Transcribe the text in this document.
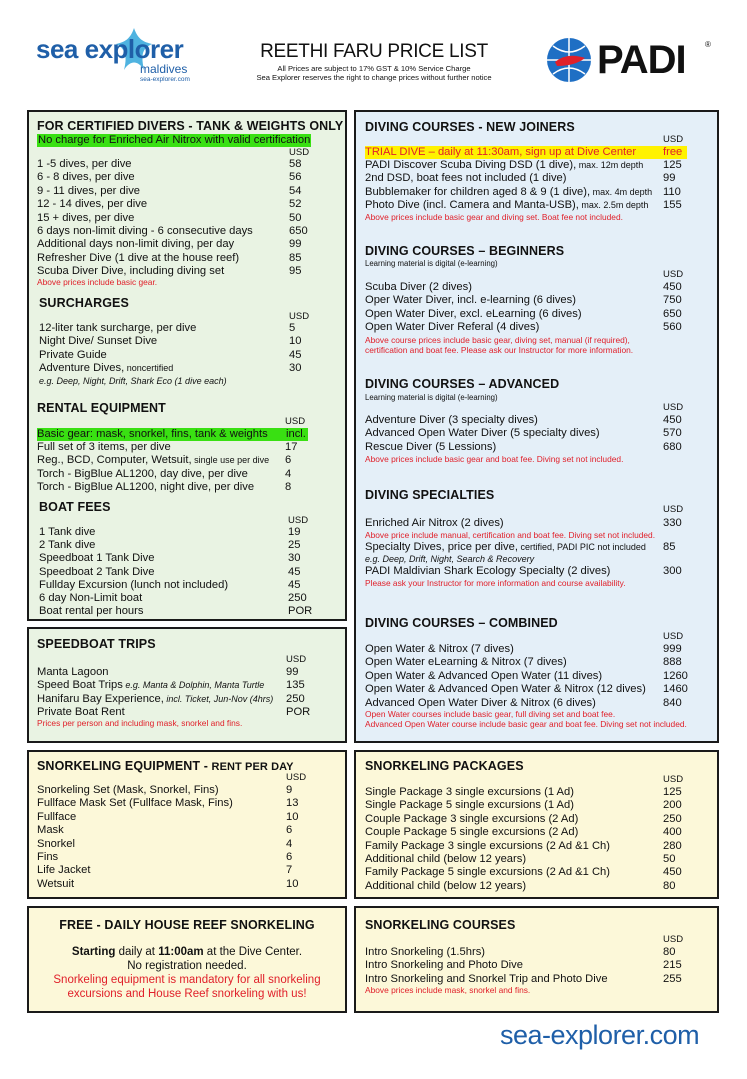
sea explorer
maldives
sea-explorer.com
REETHI FARU PRICE LIST
All Prices are subject to 17% GST & 10% Service Charge
Sea Explorer reserves the right to change prices without further notice	PADI ®
FOR CERTIFIED DIVERS - TANK & WEIGHTS ONLY
No charge for Enriched Air Nitrox with valid certification
USD
1 -5 dives, per dive	58
6 - 8 dives, per dive	56
9 - 11 dives, per dive	54
12 - 14 dives, per dive	52
15 + dives, per dive	50
6 days non-limit diving - 6 consecutive days	650
Additional days non-limit diving, per day	99
Refresher Dive (1 dive at the house reef)	85
Scuba Diver Dive, including diving set	95
Above prices include basic gear.
SURCHARGES
USD
12-liter tank surcharge, per dive	5
Night Dive/ Sunset Dive	10
Private Guide	45
Adventure Dives, noncertified	30
e.g. Deep, Night, Drift, Shark Eco (1 dive each)
RENTAL EQUIPMENT
USD
Basic gear: mask, snorkel, fins, tank & weights incl.
Full set of 3 items, per dive	17
Reg., BCD, Computer, Wetsuit, single use per dive 6
Torch - BigBlue AL1200, day dive, per dive	4
Torch - BigBlue AL1200, night dive, per dive	8
BOAT FEES
USD
1 Tank dive	19
2 Tank dive	25
Speedboat 1 Tank Dive	30
Speedboat 2 Tank Dive	45
Fullday Excursion (lunch not included)	45
6 day Non-Limit boat	250
Boat rental per hours	POR
SPEEDBOAT TRIPS
USD
Manta Lagoon	99
Speed Boat Trips e.g. Manta & Dolphin, Manta Turtle 135
Hanifaru Bay Experience, incl. Ticket, Jun-Nov (4hrs) 250
Private Boat Rent	POR
Prices per person and including mask, snorkel and fins.
SNORKELING EQUIPMENT - RENT PER DAY
USD
Snorkeling Set (Mask, Snorkel, Fins)	9
Fullface Mask Set (Fullface Mask, Fins)	13
Fullface	10
Mask	6
Snorkel	4
Fins	6
Life Jacket	7
Wetsuit	10
FREE - DAILY HOUSE REEF SNORKELING
Starting daily at 11:00am at the Dive Center.
No registration needed.
Snorkeling equipment is mandatory for all snorkeling
excursions and House Reef snorkeling with us!
DIVING COURSES - NEW JOINERS
USD
TRIAL DIVE – daily at 11:30am, sign up at Dive Center free
PADI Discover Scuba Diving DSD (1 dive), max. 12m depth 125
2nd DSD, boat fees not included (1 dive)	99
Bubblemaker for children aged 8 & 9 (1 dive), max. 4m depth 110
Photo Dive (incl. Camera and Manta-USB), max. 2.5m depth 155
Above prices include basic gear and diving set. Boat fee not included.
DIVING COURSES – BEGINNERS
Learning material is digital (e-learning)
USD
Scuba Diver (2 dives)	450
Oper Water Diver, incl. e-learning (6 dives)	750
Open Water Diver, excl. eLearning (6 dives)	650
Open Water Diver Referal (4 dives)	560
Above course prices include basic gear, diving set, manual (if required),
certification and boat fee. Please ask our Instructor for more information.
DIVING COURSES – ADVANCED
Learning material is digital (e-learning)
USD
Adventure Diver (3 specialty dives)	450
Advanced Open Water Diver (5 specialty dives)	570
Rescue Diver (5 Lessions)	680
Above prices include basic gear and boat fee. Diving set not included.
DIVING SPECIALTIES
USD
Enriched Air Nitrox (2 dives)	330
Above price include manual, certification and boat fee. Diving set not included.
Specialty Dives, price per dive, certified, PADI PIC not included 85
e.g. Deep, Drift, Night, Search & Recovery
PADI Maldivian Shark Ecology Specialty (2 dives)	300
Please ask your Instructor for more information and course availability.
DIVING COURSES – COMBINED
USD
Open Water & Nitrox (7 dives)	999
Open Water eLearning & Nitrox (7 dives)	888
Open Water & Advanced Open Water (11 dives)	1260
Open Water & Advanced Open Water & Nitrox (12 dives) 1460
Advanced Open Water Diver & Nitrox (6 dives)	840
Open Water courses include basic gear, full diving set and boat fee.
Advanced Open Water course include basic gear and boat fee. Diving set not included.
SNORKELING PACKAGES
USD
Single Package 3 single excursions (1 Ad)	125
Single Package 5 single excursions (1 Ad)	200
Couple Package 3 single excursions (2 Ad)	250
Couple Package 5 single excursions (2 Ad)	400
Family Package 3 single excursions (2 Ad &1 Ch)	280
Additional child (below 12 years)	50
Family Package 5 single excursions (2 Ad &1 Ch)	450
Additional child (below 12 years)	80
SNORKELING COURSES
USD
Intro Snorkeling (1.5hrs)	80
Intro Snorkeling and Photo Dive	215
Intro Snorkeling and Snorkel Trip and Photo Dive	255
Above prices include mask, snorkel and fins.
sea-explorer.com
